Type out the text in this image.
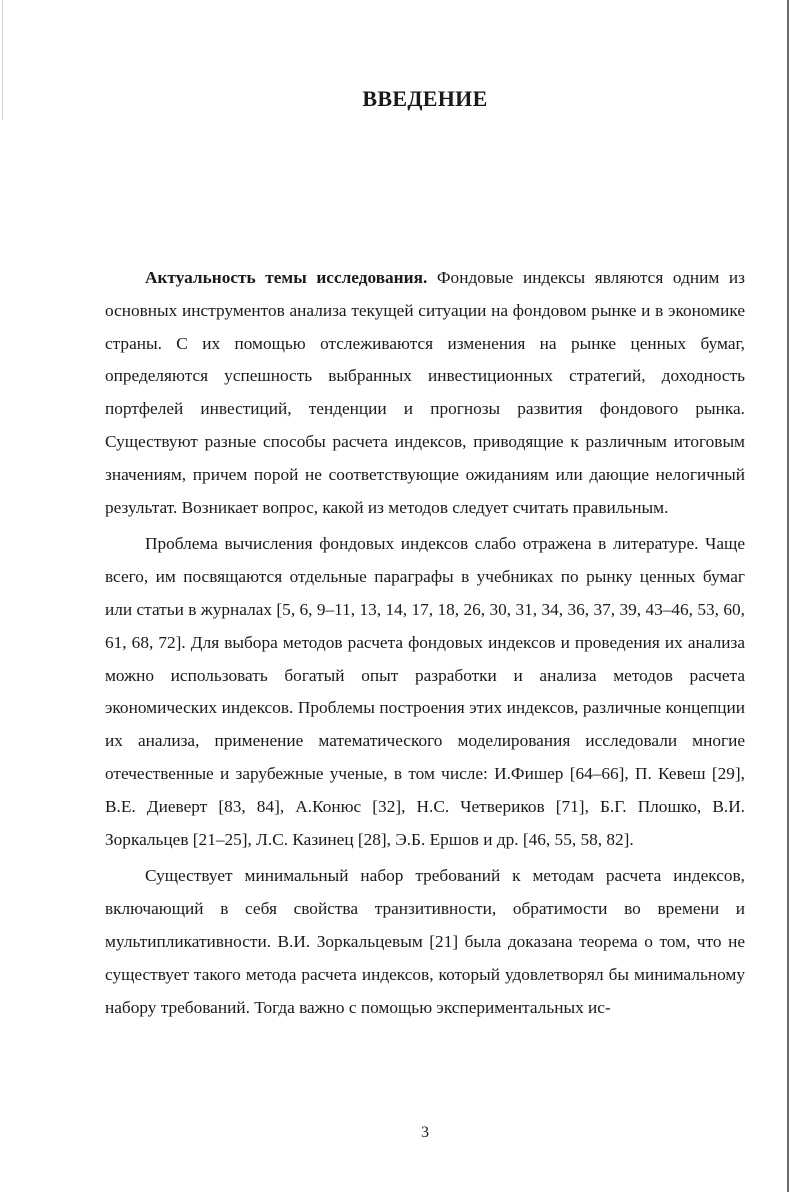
ВВЕДЕНИЕ

Актуальность темы исследования. Фондовые индексы являются одним из основных инструментов анализа текущей ситуации на фондовом рынке и в экономике страны. С их помощью отслеживаются изменения на рынке ценных бумаг, определяются успешность выбранных инвестиционных стратегий, доходность портфелей инвестиций, тенденции и прогнозы развития фондового рынка. Существуют разные способы расчета индексов, приводящие к различным итоговым значениям, причем порой не соответствующие ожиданиям или дающие нелогичный результат. Возникает вопрос, какой из методов следует считать правильным.

Проблема вычисления фондовых индексов слабо отражена в литературе. Чаще всего, им посвящаются отдельные параграфы в учебниках по рынку ценных бумаг или статьи в журналах [5, 6, 9–11, 13, 14, 17, 18, 26, 30, 31, 34, 36, 37, 39, 43–46, 53, 60, 61, 68, 72]. Для выбора методов расчета фондовых индексов и проведения их анализа можно использовать богатый опыт разработки и анализа методов расчета экономических индексов. Проблемы построения этих индексов, различные концепции их анализа, применение математического моделирования исследовали многие отечественные и зарубежные ученые, в том числе: И.Фишер [64–66], П. Кевеш [29], В.Е. Диеверт [83, 84], А.Конюс [32], Н.С. Четвериков [71], Б.Г. Плошко, В.И. Зоркальцев [21–25], Л.С. Казинец [28], Э.Б. Ершов и др. [46, 55, 58, 82].

Существует минимальный набор требований к методам расчета индексов, включающий в себя свойства транзитивности, обратимости во времени и мультипликативности. В.И. Зоркальцевым [21] была доказана теорема о том, что не существует такого метода расчета индексов, который удовлетворял бы минимальному набору требований. Тогда важно с помощью экспериментальных ис-

3
